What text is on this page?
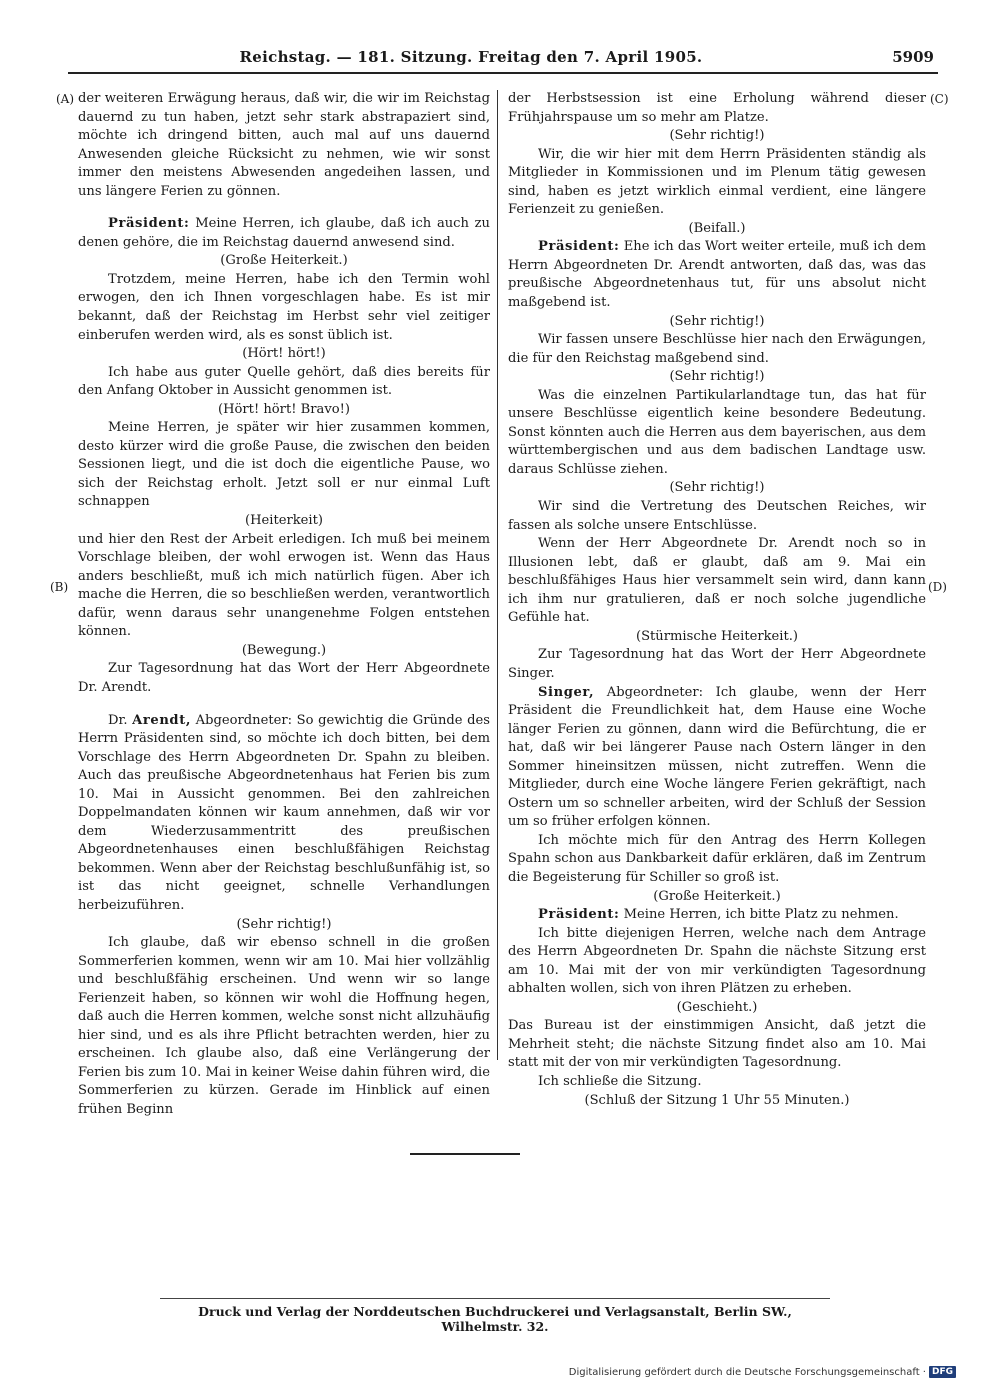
Reichstag. — 181. Sitzung. Freitag den 7. April 1905.	5909
(A)
(B)
(C)
(D)

der weiteren Erwägung heraus, daß wir, die wir im Reichstag dauernd zu tun haben, jetzt sehr stark abstrapaziert sind, möchte ich dringend bitten, auch mal auf uns dauernd Anwesenden gleiche Rücksicht zu nehmen, wie wir sonst immer den meistens Abwesenden angedeihen lassen, und uns längere Ferien zu gönnen.

Präsident: Meine Herren, ich glaube, daß ich auch zu denen gehöre, die im Reichstag dauernd anwesend sind.

(Große Heiterkeit.)

Trotzdem, meine Herren, habe ich den Termin wohl erwogen, den ich Ihnen vorgeschlagen habe. Es ist mir bekannt, daß der Reichstag im Herbst sehr viel zeitiger einberufen werden wird, als es sonst üblich ist.

(Hört! hört!)

Ich habe aus guter Quelle gehört, daß dies bereits für den Anfang Oktober in Aussicht genommen ist.

(Hört! hört! Bravo!)

Meine Herren, je später wir hier zusammen kommen, desto kürzer wird die große Pause, die zwischen den beiden Sessionen liegt, und die ist doch die eigentliche Pause, wo sich der Reichstag erholt. Jetzt soll er nur einmal Luft schnappen

(Heiterkeit)

und hier den Rest der Arbeit erledigen. Ich muß bei meinem Vorschlage bleiben, der wohl erwogen ist. Wenn das Haus anders beschließt, muß ich mich natürlich fügen. Aber ich mache die Herren, die so beschließen werden, verantwortlich dafür, wenn daraus sehr unangenehme Folgen entstehen können.

(Bewegung.)

Zur Tagesordnung hat das Wort der Herr Abgeordnete Dr. Arendt.

Dr. Arendt, Abgeordneter: So gewichtig die Gründe des Herrn Präsidenten sind, so möchte ich doch bitten, bei dem Vorschlage des Herrn Abgeordneten Dr. Spahn zu bleiben. Auch das preußische Abgeordnetenhaus hat Ferien bis zum 10. Mai in Aussicht genommen. Bei den zahlreichen Doppelmandaten können wir kaum annehmen, daß wir vor dem Wiederzusammentritt des preußischen Abgeordnetenhauses einen beschlußfähigen Reichstag bekommen. Wenn aber der Reichstag beschlußunfähig ist, so ist das nicht geeignet, schnelle Verhandlungen herbeizuführen.

(Sehr richtig!)

Ich glaube, daß wir ebenso schnell in die großen Sommerferien kommen, wenn wir am 10. Mai hier vollzählig und beschlußfähig erscheinen. Und wenn wir so lange Ferienzeit haben, so können wir wohl die Hoffnung hegen, daß auch die Herren kommen, welche sonst nicht allzuhäufig hier sind, und es als ihre Pflicht betrachten werden, hier zu erscheinen. Ich glaube also, daß eine Verlängerung der Ferien bis zum 10. Mai in keiner Weise dahin führen wird, die Sommerferien zu kürzen. Gerade im Hinblick auf einen frühen Beginn

der Herbstsession ist eine Erholung während dieser Frühjahrspause um so mehr am Platze.

(Sehr richtig!)

Wir, die wir hier mit dem Herrn Präsidenten ständig als Mitglieder in Kommissionen und im Plenum tätig gewesen sind, haben es jetzt wirklich einmal verdient, eine längere Ferienzeit zu genießen.

(Beifall.)

Präsident: Ehe ich das Wort weiter erteile, muß ich dem Herrn Abgeordneten Dr. Arendt antworten, daß das, was das preußische Abgeordnetenhaus tut, für uns absolut nicht maßgebend ist.

(Sehr richtig!)

Wir fassen unsere Beschlüsse hier nach den Erwägungen, die für den Reichstag maßgebend sind.

(Sehr richtig!)

Was die einzelnen Partikularlandtage tun, das hat für unsere Beschlüsse eigentlich keine besondere Bedeutung. Sonst könnten auch die Herren aus dem bayerischen, aus dem württembergischen und aus dem badischen Landtage usw. daraus Schlüsse ziehen.

(Sehr richtig!)

Wir sind die Vertretung des Deutschen Reiches, wir fassen als solche unsere Entschlüsse.

Wenn der Herr Abgeordnete Dr. Arendt noch so in Illusionen lebt, daß er glaubt, daß am 9. Mai ein beschlußfähiges Haus hier versammelt sein wird, dann kann ich ihm nur gratulieren, daß er noch solche jugendliche Gefühle hat.

(Stürmische Heiterkeit.)

Zur Tagesordnung hat das Wort der Herr Abgeordnete Singer.

Singer, Abgeordneter: Ich glaube, wenn der Herr Präsident die Freundlichkeit hat, dem Hause eine Woche länger Ferien zu gönnen, dann wird die Befürchtung, die er hat, daß wir bei längerer Pause nach Ostern länger in den Sommer hineinsitzen müssen, nicht zutreffen. Wenn die Mitglieder, durch eine Woche längere Ferien gekräftigt, nach Ostern um so schneller arbeiten, wird der Schluß der Session um so früher erfolgen können.

Ich möchte mich für den Antrag des Herrn Kollegen Spahn schon aus Dankbarkeit dafür erklären, daß im Zentrum die Begeisterung für Schiller so groß ist.

(Große Heiterkeit.)

Präsident: Meine Herren, ich bitte Platz zu nehmen.

Ich bitte diejenigen Herren, welche nach dem Antrage des Herrn Abgeordneten Dr. Spahn die nächste Sitzung erst am 10. Mai mit der von mir verkündigten Tagesordnung abhalten wollen, sich von ihren Plätzen zu erheben.

(Geschieht.)

Das Bureau ist der einstimmigen Ansicht, daß jetzt die Mehrheit steht; die nächste Sitzung findet also am 10. Mai statt mit der von mir verkündigten Tagesordnung.

Ich schließe die Sitzung.

(Schluß der Sitzung 1 Uhr 55 Minuten.)

Druck und Verlag der Norddeutschen Buchdruckerei und Verlagsanstalt, Berlin SW., Wilhelmstr. 32.
Digitalisierung gefördert durch die Deutsche Forschungsgemeinschaft · DFG
